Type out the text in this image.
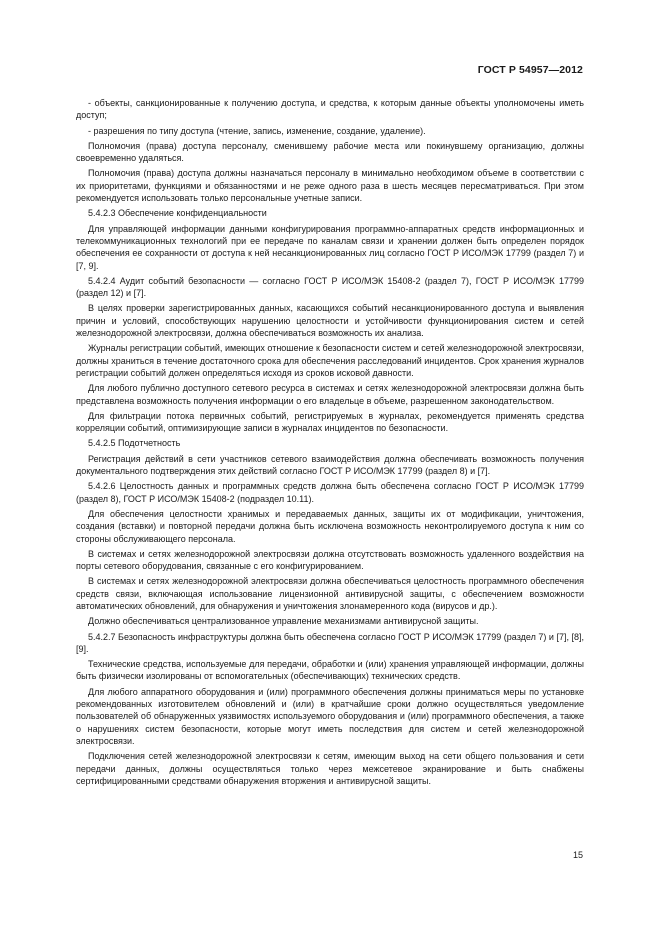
ГОСТ Р 54957—2012

- объекты, санкционированные к получению доступа, и средства, к которым данные объекты уполномочены иметь доступ;

- разрешения по типу доступа (чтение, запись, изменение, создание, удаление).

Полномочия (права) доступа персоналу, сменившему рабочие места или покинувшему организацию, должны своевременно удаляться.

Полномочия (права) доступа должны назначаться персоналу в минимально необходимом объеме в соответствии с их приоритетами, функциями и обязанностями и не реже одного раза в шесть месяцев пересматриваться. При этом рекомендуется использовать только персональные учетные записи.

5.4.2.3 Обеспечение конфиденциальности

Для управляющей информации данными конфигурирования программно-аппаратных средств информационных и телекоммуникационных технологий при ее передаче по каналам связи и хранении должен быть определен порядок обеспечения ее сохранности от доступа к ней несанкционированных лиц согласно ГОСТ Р ИСО/МЭК 17799 (раздел 7) и [7, 9].

5.4.2.4 Аудит событий безопасности — согласно ГОСТ Р ИСО/МЭК 15408-2 (раздел 7), ГОСТ Р ИСО/МЭК 17799 (раздел 12) и [7].

В целях проверки зарегистрированных данных, касающихся событий несанкционированного доступа и выявления причин и условий, способствующих нарушению целостности и устойчивости функционирования систем и сетей железнодорожной электросвязи, должна обеспечиваться возможность их анализа.

Журналы регистрации событий, имеющих отношение к безопасности систем и сетей железнодорожной электросвязи, должны храниться в течение достаточного срока для обеспечения расследований инцидентов. Срок хранения журналов регистрации событий должен определяться исходя из сроков исковой давности.

Для любого публично доступного сетевого ресурса в системах и сетях железнодорожной электросвязи должна быть представлена возможность получения информации о его владельце в объеме, разрешенном законодательством.

Для фильтрации потока первичных событий, регистрируемых в журналах, рекомендуется применять средства корреляции событий, оптимизирующие записи в журналах инцидентов по безопасности.

5.4.2.5 Подотчетность

Регистрация действий в сети участников сетевого взаимодействия должна обеспечивать возможность получения документального подтверждения этих действий согласно ГОСТ Р ИСО/МЭК 17799 (раздел 8) и [7].

5.4.2.6 Целостность данных и программных средств должна быть обеспечена согласно ГОСТ Р ИСО/МЭК 17799 (раздел 8), ГОСТ Р ИСО/МЭК 15408-2 (подраздел 10.11).

Для обеспечения целостности хранимых и передаваемых данных, защиты их от модификации, уничтожения, создания (вставки) и повторной передачи должна быть исключена возможность неконтролируемого доступа к ним со стороны обслуживающего персонала.

В системах и сетях железнодорожной электросвязи должна отсутствовать возможность удаленного воздействия на порты сетевого оборудования, связанные с его конфигурированием.

В системах и сетях железнодорожной электросвязи должна обеспечиваться целостность программного обеспечения средств связи, включающая использование лицензионной антивирусной защиты, с обеспечением возможности автоматических обновлений, для обнаружения и уничтожения злонамеренного кода (вирусов и др.).

Должно обеспечиваться централизованное управление механизмами антивирусной защиты.

5.4.2.7 Безопасность инфраструктуры должна быть обеспечена согласно ГОСТ Р ИСО/МЭК 17799 (раздел 7) и [7], [8], [9].

Технические средства, используемые для передачи, обработки и (или) хранения управляющей информации, должны быть физически изолированы от вспомогательных (обеспечивающих) технических средств.

Для любого аппаратного оборудования и (или) программного обеспечения должны приниматься меры по установке рекомендованных изготовителем обновлений и (или) в кратчайшие сроки должно осуществляться уведомление пользователей об обнаруженных уязвимостях используемого оборудования и (или) программного обеспечения, а также о нарушениях систем безопасности, которые могут иметь последствия для систем и сетей железнодорожной электросвязи.

Подключения сетей железнодорожной электросвязи к сетям, имеющим выход на сети общего пользования и сети передачи данных, должны осуществляться только через межсетевое экранирование и быть снабжены сертифицированными средствами обнаружения вторжения и антивирусной защиты.

15
